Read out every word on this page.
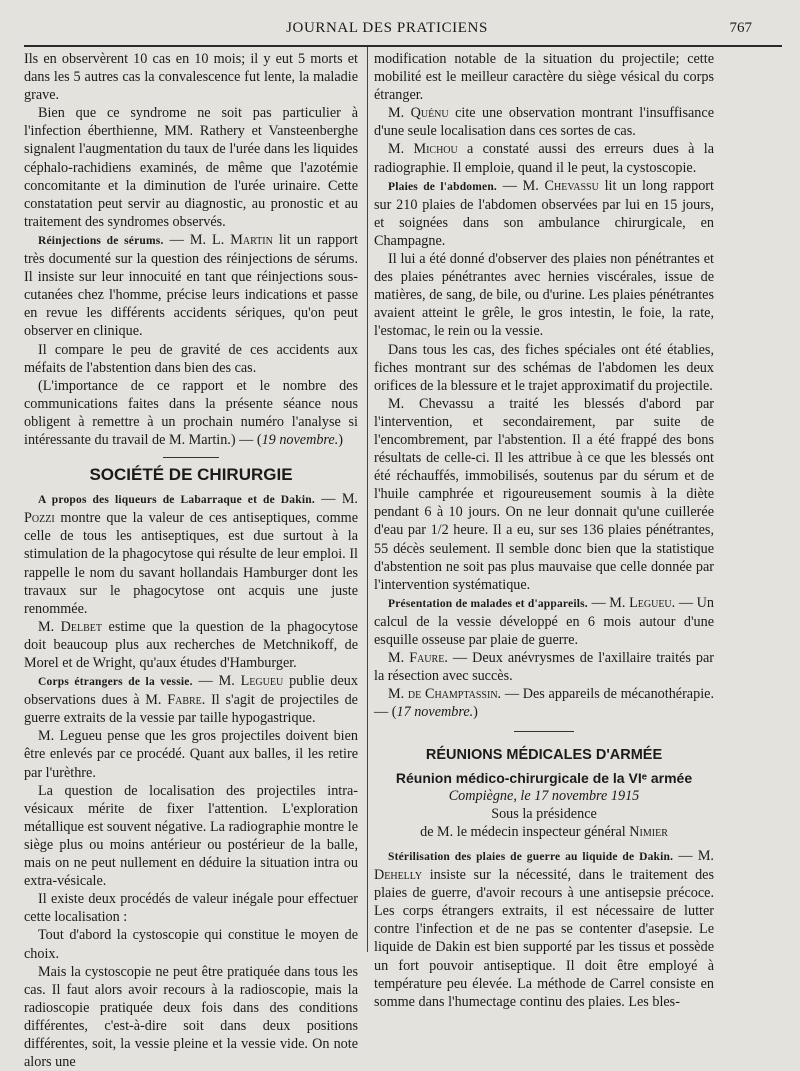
JOURNAL DES PRATICIENS	767

Ils en observèrent 10 cas en 10 mois; il y eut 5 morts et dans les 5 autres cas la convalescence fut lente, la maladie grave.

Bien que ce syndrome ne soit pas particulier à l'infection éberthienne, MM. Rathery et Vansteenberghe signalent l'augmentation du taux de l'urée dans les liquides céphalo-rachidiens examinés, de même que l'azotémie concomitante et la diminution de l'urée urinaire. Cette constatation peut servir au diagnostic, au pronostic et au traitement des syndromes observés.

Réinjections de sérums. — M. L. Martin lit un rapport très documenté sur la question des réinjections de sérums. Il insiste sur leur innocuité en tant que réinjections sous-cutanées chez l'homme, précise leurs indications et passe en revue les différents accidents sériques, qu'on peut observer en clinique.

Il compare le peu de gravité de ces accidents aux méfaits de l'abstention dans bien des cas.

(L'importance de ce rapport et le nombre des communications faites dans la présente séance nous obligent à remettre à un prochain numéro l'analyse si intéressante du travail de M. Martin.) — (19 novembre.)

SOCIÉTÉ DE CHIRURGIE

A propos des liqueurs de Labarraque et de Dakin. — M. Pozzi montre que la valeur de ces antiseptiques, comme celle de tous les antiseptiques, est due surtout à la stimulation de la phagocytose qui résulte de leur emploi. Il rappelle le nom du savant hollandais Hamburger dont les travaux sur le phagocytose ont acquis une juste renommée.

M. Delbet estime que la question de la phagocytose doit beaucoup plus aux recherches de Metchnikoff, de Morel et de Wright, qu'aux études d'Hamburger.

Corps étrangers de la vessie. — M. Legueu publie deux observations dues à M. Fabre. Il s'agit de projectiles de guerre extraits de la vessie par taille hypogastrique.

M. Legueu pense que les gros projectiles doivent bien être enlevés par ce procédé. Quant aux balles, il les retire par l'urèthre.

La question de localisation des projectiles intra-vésicaux mérite de fixer l'attention. L'exploration métallique est souvent négative. La radiographie montre le siège plus ou moins antérieur ou postérieur de la balle, mais on ne peut nullement en déduire la situation intra ou extra-vésicale.

Il existe deux procédés de valeur inégale pour effectuer cette localisation :

Tout d'abord la cystoscopie qui constitue le moyen de choix.

Mais la cystoscopie ne peut être pratiquée dans tous les cas. Il faut alors avoir recours à la radioscopie, mais la radioscopie pratiquée deux fois dans des conditions différentes, c'est-à-dire soit dans deux positions différentes, soit, la vessie pleine et la vessie vide. On note alors une

modification notable de la situation du projectile; cette mobilité est le meilleur caractère du siège vésical du corps étranger.

M. Quénu cite une observation montrant l'insuffisance d'une seule localisation dans ces sortes de cas.

M. Michou a constaté aussi des erreurs dues à la radiographie. Il emploie, quand il le peut, la cystoscopie.

Plaies de l'abdomen. — M. Chevassu lit un long rapport sur 210 plaies de l'abdomen observées par lui en 15 jours, et soignées dans son ambulance chirurgicale, en Champagne.

Il lui a été donné d'observer des plaies non pénétrantes et des plaies pénétrantes avec hernies viscérales, issue de matières, de sang, de bile, ou d'urine. Les plaies pénétrantes avaient atteint le grêle, le gros intestin, le foie, la rate, l'estomac, le rein ou la vessie.

Dans tous les cas, des fiches spéciales ont été établies, fiches montrant sur des schémas de l'abdomen les deux orifices de la blessure et le trajet approximatif du projectile.

M. Chevassu a traité les blessés d'abord par l'intervention, et secondairement, par suite de l'encombrement, par l'abstention. Il a été frappé des bons résultats de celle-ci. Il les attribue à ce que les blessés ont été réchauffés, immobilisés, soutenus par du sérum et de l'huile camphrée et rigoureusement soumis à la diète pendant 6 à 10 jours. On ne leur donnait qu'une cuillerée d'eau par 1/2 heure. Il a eu, sur ses 136 plaies pénétrantes, 55 décès seulement. Il semble donc bien que la statistique d'abstention ne soit pas plus mauvaise que celle donnée par l'intervention systématique.

Présentation de malades et d'appareils. — M. Legueu. — Un calcul de la vessie développé en 6 mois autour d'une esquille osseuse par plaie de guerre.

M. Faure. — Deux anévrysmes de l'axillaire traités par la résection avec succès.

M. de Champtassin. — Des appareils de mécanothérapie. — (17 novembre.)

RÉUNIONS MÉDICALES D'ARMÉE
Réunion médico-chirurgicale de la VIᵉ armée
Compiègne, le 17 novembre 1915
Sous la présidence
de M. le médecin inspecteur général Nimier

Stérilisation des plaies de guerre au liquide de Dakin. — M. Dehelly insiste sur la nécessité, dans le traitement des plaies de guerre, d'avoir recours à une antisepsie précoce. Les corps étrangers extraits, il est nécessaire de lutter contre l'infection et de ne pas se contenter d'asepsie. Le liquide de Dakin est bien supporté par les tissus et possède un fort pouvoir antiseptique. Il doit être employé à température peu élevée. La méthode de Carrel consiste en somme dans l'humectage continu des plaies. Les bles-
